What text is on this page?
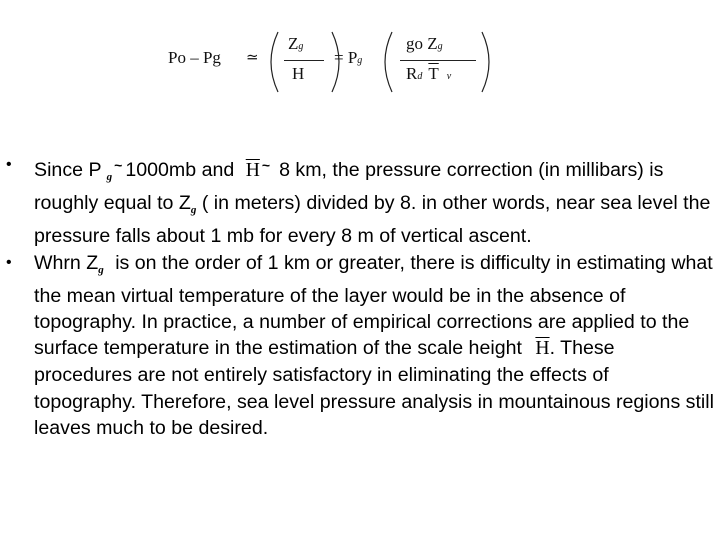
Po – Pg ≃
Zg
H
= Pg
go Zg
Rd $\overline{T}$ v
• Since P $_g$~ 1000mb and $\overline{H}$ ~ 8 km, the pressure correction (in millibars) is roughly equal to $Z_g$ ( in meters) divided by 8. in other words, near sea level the pressure falls about 1 mb for every 8 m of vertical ascent.
• Whrn $Z_g$ is on the order of 1 km or greater, there is difficulty in estimating what the mean virtual temperature of the layer would be in the absence of topography. In practice, a number of empirical corrections are applied to the surface temperature in the estimation of the scale height $\overline{H}$. These procedures are not entirely satisfactory in eliminating the effects of topography. Therefore, sea level pressure analysis in mountainous regions still leaves much to be desired.
